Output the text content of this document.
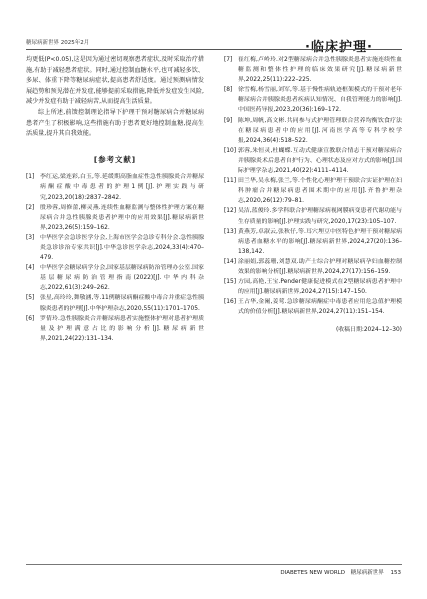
糖尿病新世界 2025年2月	·临床护理·

均更低(P<0.05),这是因为通过密切观察患者症状,及时采取治疗措施,有助于减轻患者症状。同时,通过控制血糖水平,也可减轻多饮、多尿、体重下降等糖尿病症状,提高患者舒适度。通过预测病情发展趋势和预见潜在并发症,能够提前采取措施,降低并发症发生风险,减少并发症有助于减轻病苦,从而提高生活质量。

综上所述,前馈控制理论指导下护理干预对糖尿病合并糖尿病患者产生了积极影响,这些措施有助于患者更好地控制血糖,提高生活质量,提升其自我效能。

[参考文献]
[1] 李红运,梁连彩,白玉,等.延缓期高脂血症性急性胰腺炎合并糖尿病酮症酸中毒患者的护理1例[J].护理实践与研究,2023,20(18):2837–2842.
[2] 殷珍蓉,周修蕾,柳灵燕.连续性血糖监测与整体性护理方案在糖尿病合并急性胰腺炎患者护理中的应用效果[J].糖尿病新世界,2023,26(5):159–162.
[3] 中华医学会急诊医学分会,上海市医学会急诊专科分会.急性胰腺炎急诊诊治专家共识[J].中华急诊医学杂志,2024,33(4):470–479.
[4] 中华医学会糖尿病学分会,国家基层糖尿病防治管理办公室.国家基层糖尿病防治管理指南(2022)[J].中华内科杂志,2022,61(3):249–262.
[5] 张星,高玲玲,舞敬涵,等.11例糖尿病酮症酸中毒合并重症急性胰腺炎患者的护理[J].中华护理杂志,2020,55(11):1701–1705.
[6] 罗倩玲.急性胰腺炎合并糖尿病患者实施整体护理对患者护理质量及护理满意占比的影响分析[J].糖尿病新世界,2021,24(22):131–134.
[7] 崔红梅,卢岭玲.对2型糖尿病合并急性胰腺炎患者实施连续性血糖监测和整体性护理的临床效果研究[J].糖尿病新世界,2022,25(11):222–225.
[8] 徐雪梅,杨雪丽,刘军,等.基于慢性病轨迹框架模式的干预对老年糖尿病合并胰腺炎患者疾病认知情况、自我管理能力的影响[J].中国医药导报,2023,20(36):169–172.
[9] 陈坤,周帆,高文彬.共同参与式护理管理联合营养均衡饮食疗法在糖尿病患者中的应用[J].河南医学高等专科学校学报,2024,36(4):518–522.
[10] 郭蓉,朱恒灵,杜蝴蝶.互动式健康宣教联合情志干预对糖尿病合并胰腺炎术后患者自护行为、心理状态及应对方式的影响[J].国际护理学杂志,2021,40(22):4111–4114.
[11] 田兰华,吴永梅,张兰,等.个性化心理护理干预联合实证护理在妇科肿瘤合并糖尿病患者围术期中的应用[J].齐鲁护理杂志,2020,26(12):79–81.
[12] 吴洁,蓝俊玲.多学科联合护理糖尿病视网膜病变患者代谢功能与生存质量的影响[J].护理实践与研究,2020,17(23):105–107.
[13] 黄燕芳,卓淑云,张秋仔,等.耳穴埋豆中医特色护理干预对糖尿病病患者血糖水平的影响[J].糖尿病新世界,2024,27(20):136–138,142.
[14] 涂丽娟,郭蕊珊,刘慧双.助产士综合护理对糖尿病孕妇血糖控制效果的影响分析[J].糖尿病新世界,2024,27(17):156–159.
[15] 方园,高艳,王宝.Pender健康促进模式在2型糖尿病患者护理中的应用[J].糖尿病新世界,2024,27(15):147–150.
[16] 王占华,金阑,姜莺.急诊糖尿病酮症中毒患者应用危急值护理模式的价值分析[J].糖尿病新世界,2024,27(11):151–154.
(收稿日期:2024–12–30)
DIABETES NEW WORLD 糖尿病新世界 153
